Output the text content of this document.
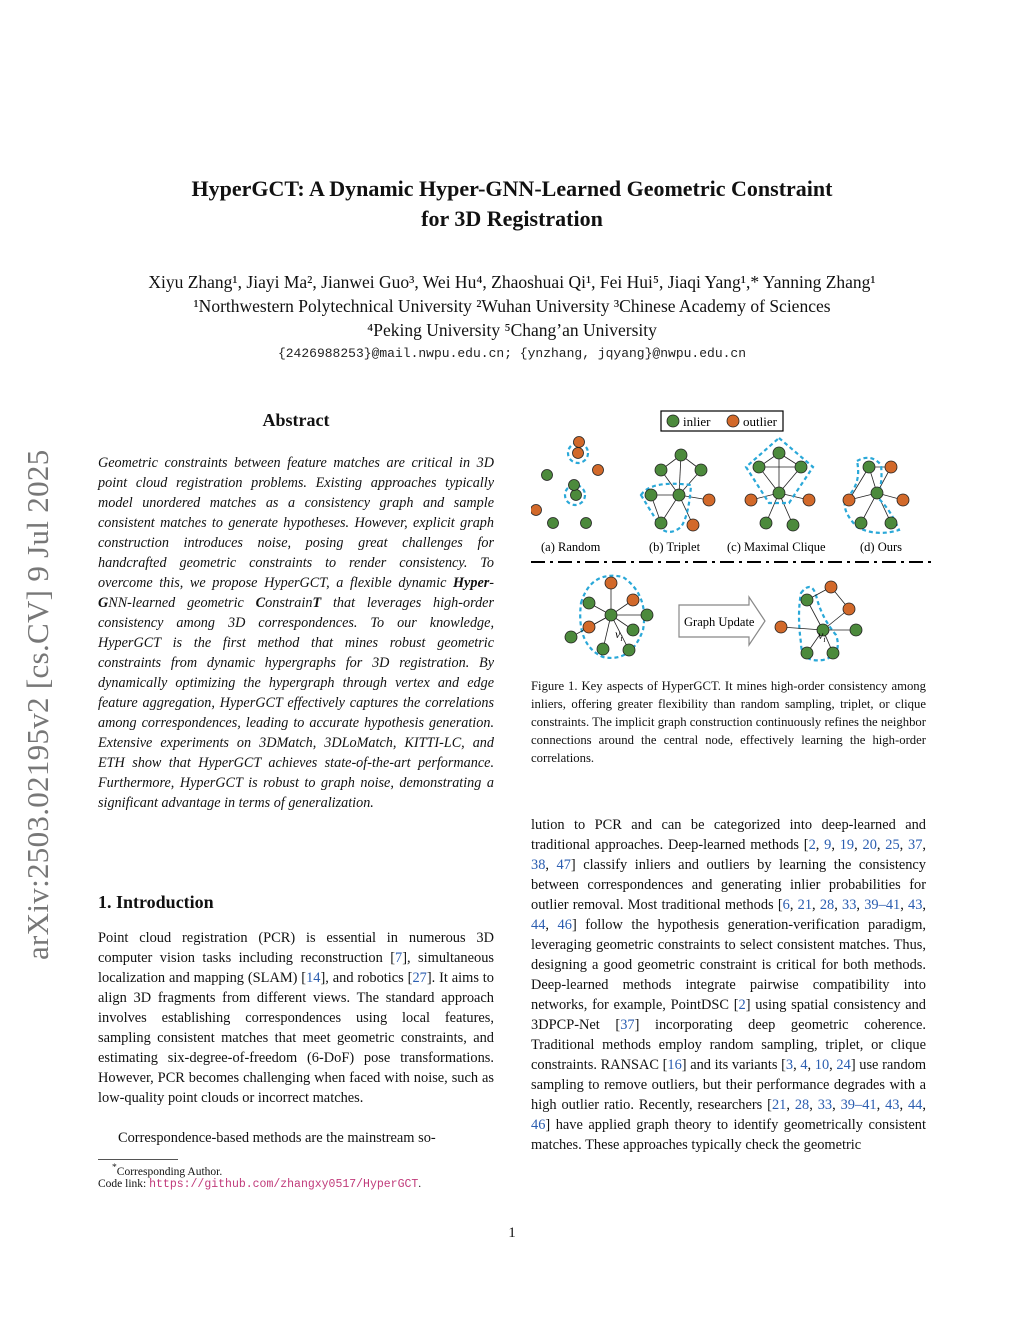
arXiv:2503.02195v2 [cs.CV] 9 Jul 2025
HyperGCT: A Dynamic Hyper-GNN-Learned Geometric Constraint
for 3D Registration
Xiyu Zhang¹, Jiayi Ma², Jianwei Guo³, Wei Hu⁴, Zhaoshuai Qi¹, Fei Hui⁵, Jiaqi Yang¹,* Yanning Zhang¹
¹Northwestern Polytechnical University ²Wuhan University ³Chinese Academy of Sciences
⁴Peking University ⁵Chang’an University
{2426988253}@mail.nwpu.edu.cn; {ynzhang, jqyang}@nwpu.edu.cn
Abstract
Geometric constraints between feature matches are critical in 3D point cloud registration problems. Existing approaches typically model unordered matches as a consistency graph and sample consistent matches to generate hypotheses. However, explicit graph construction introduces noise, posing great challenges for handcrafted geometric constraints to render consistency. To overcome this, we propose HyperGCT, a flexible dynamic Hyper-GNN-learned geometric ConstrainT that leverages high-order consistency among 3D correspondences. To our knowledge, HyperGCT is the first method that mines robust geometric constraints from dynamic hypergraphs for 3D registration. By dynamically optimizing the hypergraph through vertex and edge feature aggregation, HyperGCT effectively captures the correlations among correspondences, leading to accurate hypothesis generation. Extensive experiments on 3DMatch, 3DLoMatch, KITTI-LC, and ETH show that HyperGCT achieves state-of-the-art performance. Furthermore, HyperGCT is robust to graph noise, demonstrating a significant advantage in terms of generalization.
1. Introduction
Point cloud registration (PCR) is essential in numerous 3D computer vision tasks including reconstruction [7], simultaneous localization and mapping (SLAM) [14], and robotics [27]. It aims to align 3D fragments from different views. The standard approach involves establishing correspondences using local features, sampling consistent matches that meet geometric constraints, and estimating six-degree-of-freedom (6-DoF) pose transformations. However, PCR becomes challenging when faced with noise, such as low-quality point clouds or incorrect matches.
Correspondence-based methods are the mainstream so-
*Corresponding Author.
Code link: https://github.com/zhangxy0517/HyperGCT.
inlier	outlier
(a) Random	(b) Triplet (c) Maximal Clique	(d) Ours
$v_i$
Graph Update
$v_i$
Figure 1. Key aspects of HyperGCT. It mines high-order consistency among inliers, offering greater flexibility than random sampling, triplet, or clique constraints. The implicit graph construction continuously refines the neighbor connections around the central node, effectively learning the high-order correlations.
lution to PCR and can be categorized into deep-learned and traditional approaches. Deep-learned methods [2, 9, 19, 20, 25, 37, 38, 47] classify inliers and outliers by learning the consistency between correspondences and generating inlier probabilities for outlier removal. Most traditional methods [6, 21, 28, 33, 39–41, 43, 44, 46] follow the hypothesis generation-verification paradigm, leveraging geometric constraints to select consistent matches. Thus, designing a good geometric constraint is critical for both methods. Deep-learned methods integrate pairwise compatibility into networks, for example, PointDSC [2] using spatial consistency and 3DPCP-Net [37] incorporating deep geometric coherence. Traditional methods employ random sampling, triplet, or clique constraints. RANSAC [16] and its variants [3, 4, 10, 24] use random sampling to remove outliers, but their performance degrades with a high outlier ratio. Recently, researchers [21, 28, 33, 39–41, 43, 44, 46] have applied graph theory to identify geometrically consistent matches. These approaches typically check the geometric
1
